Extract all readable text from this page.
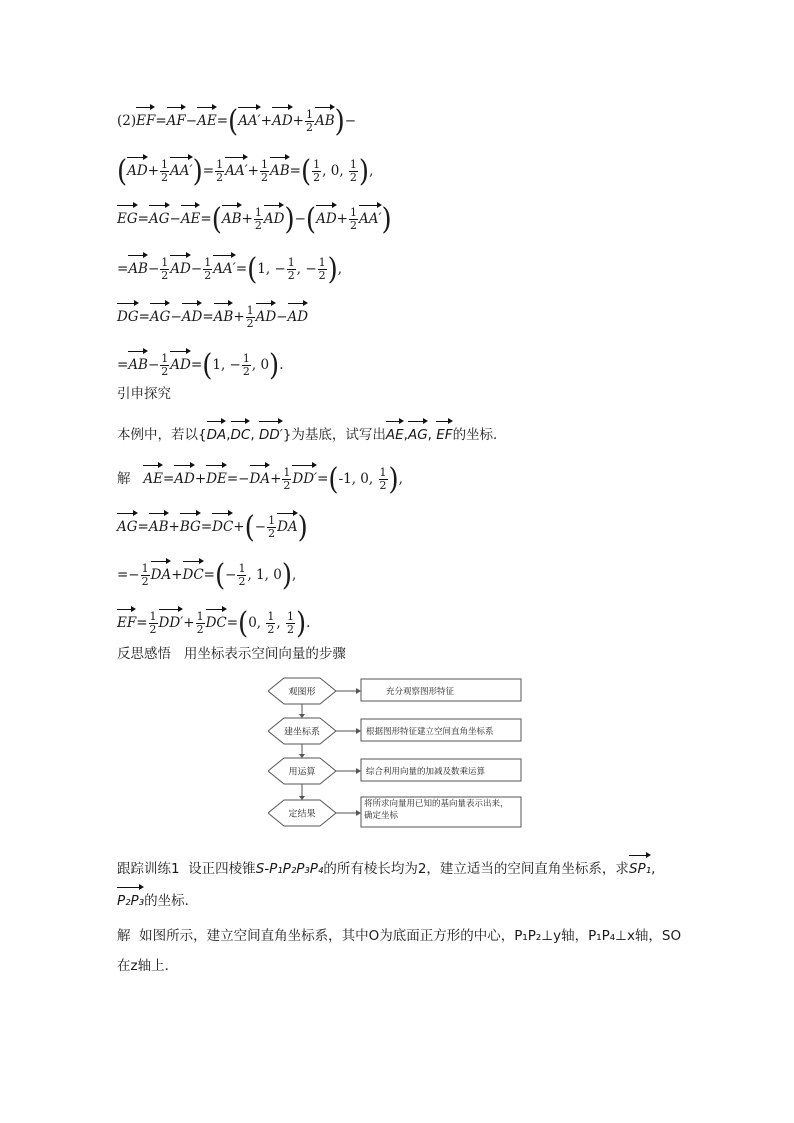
$(2)EF=AF-AE=(AA'+AD+ \frac{1}{2} AB)-$
$(AD+ \frac{1}{2} AA')= \frac{1}{2} AA'+ \frac{1}{2} AB=( \frac{1}{2}$ , 0, $\frac{1}{2}$ ),
$EG=AG-AE=(AB+ \frac{1}{2} AD)-(AD+ \frac{1}{2} AA')$
$=AB- \frac{1}{2} AD- \frac{1}{2} AA'=(1$, − $\frac{1}{2}$ , − $\frac{1}{2}$ ),
$DG=AG-AD=AB+ \frac{1}{2} AD-AD$
$=AB- \frac{1}{2} AD=(1$, − $\frac{1}{2}$ , 0).
引申探究
本例中，若以{DA,DC, DD′}为基底，试写出AE,AG, EF的坐标．
解 $AE=AD+DE=-DA+ \frac{1}{2} DD'=(-1$, 0, $\frac{1}{2}$ ),
$AG=AB+BG=DC+(- \frac{1}{2} DA)$
=− $\frac{1}{2} DA+DC=(- \frac{1}{2}$ , 1, 0),
$EF= \frac{1}{2} DD'+ \frac{1}{2} DC=(0$, $\frac{1}{2}$ , $\frac{1}{2}$ ).
反思感悟 用坐标表示空间向量的步骤
观图形
建坐标系
用运算
定结果
充分观察图形特征
根据图形特征建立空间直角坐标系
综合利用向量的加减及数乘运算
将所求向量用已知的基向量表示出来，确定坐标
跟踪训练1 设正四棱锥S-P₁P₂P₃P₄的所有棱长均为2，建立适当的空间直角坐标系，求SP₁,
P₂P₃的坐标．
解 如图所示，建立空间直角坐标系，其中O为底面正方形的中心，P₁P₂⊥y轴，P₁P₄⊥x轴，SO
在z轴上．
